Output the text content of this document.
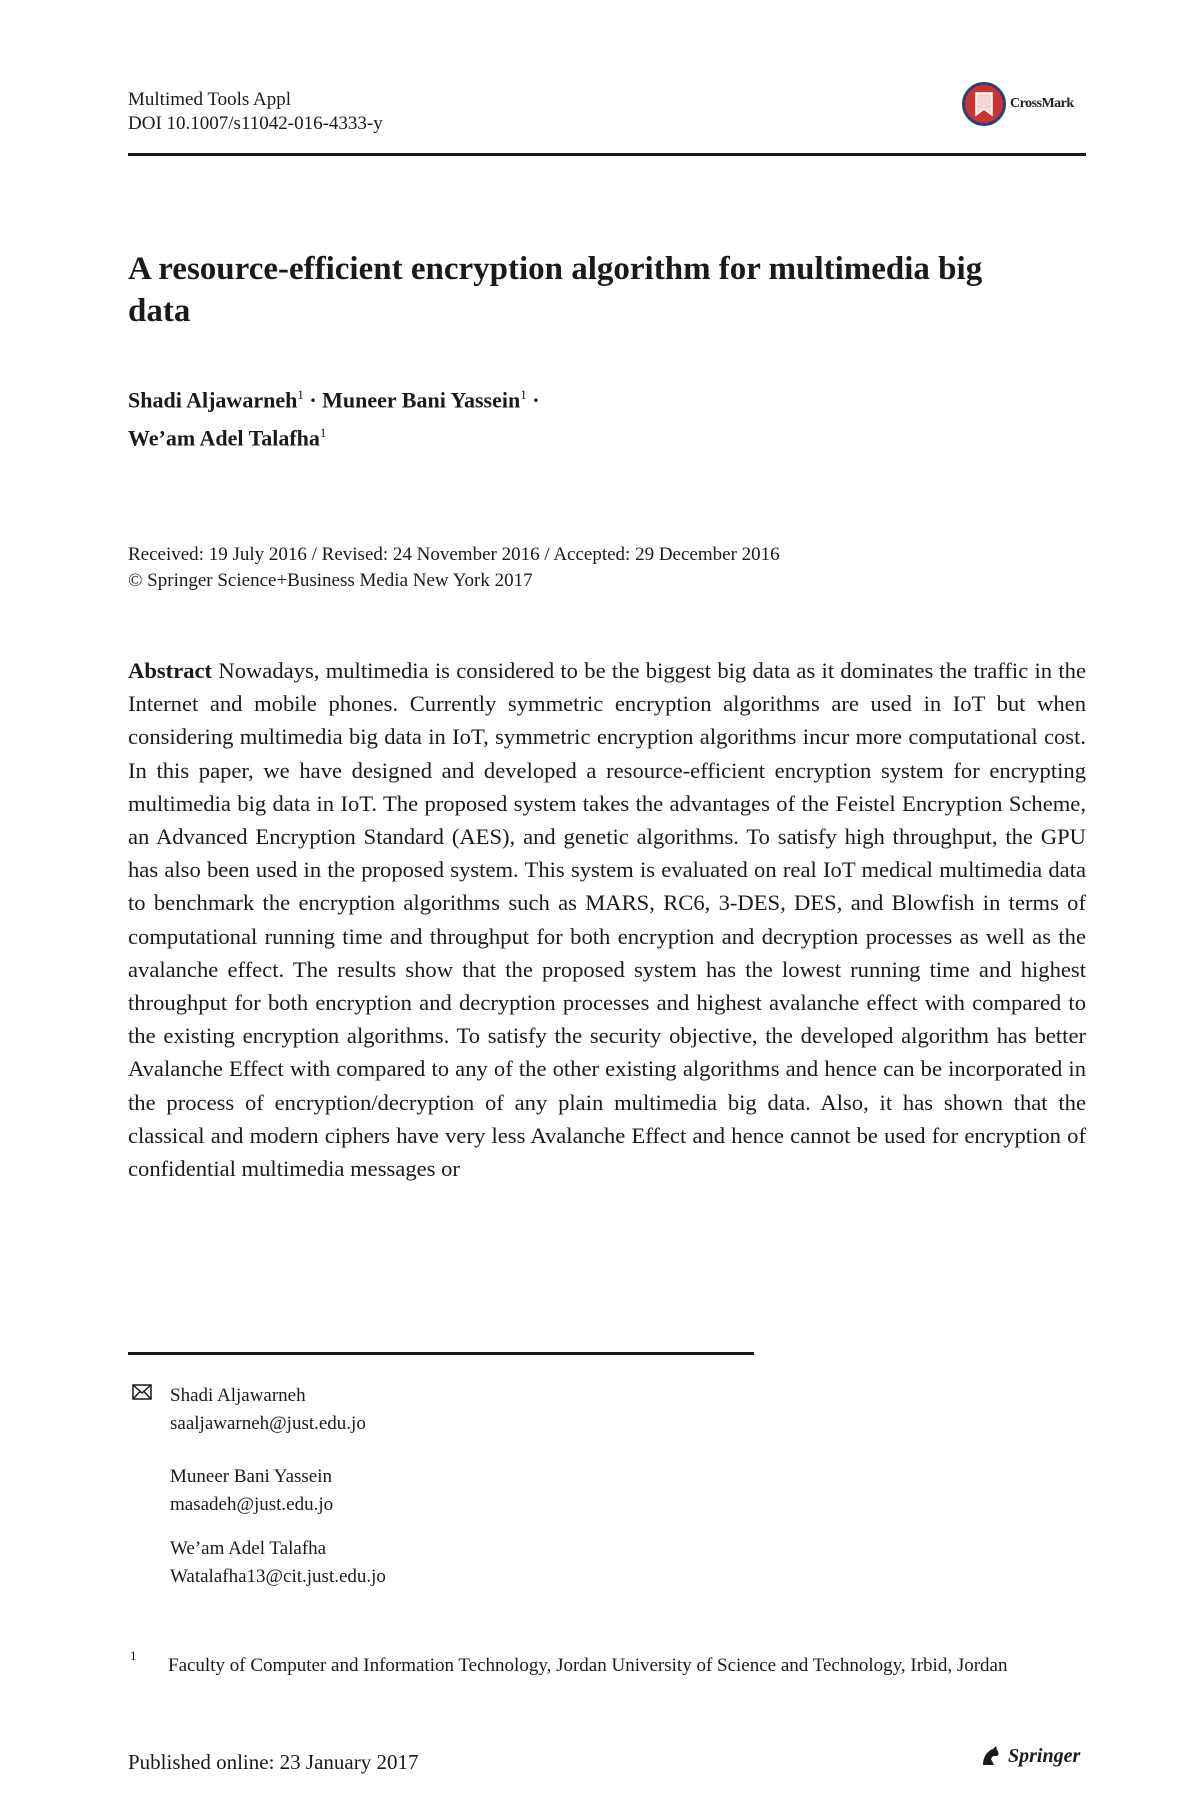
Multimed Tools Appl
DOI 10.1007/s11042-016-4333-y
CrossMark
A resource-efficient encryption algorithm for multimedia big data
Shadi Aljawarneh$^1$ · Muneer Bani Yassein$^1$ ·
We’am Adel Talafha$^1$
Received: 19 July 2016 / Revised: 24 November 2016 / Accepted: 29 December 2016
© Springer Science+Business Media New York 2017
Abstract Nowadays, multimedia is considered to be the biggest big data as it dominates the traffic in the Internet and mobile phones. Currently symmetric encryption algorithms are used in IoT but when considering multimedia big data in IoT, symmetric encryption algorithms incur more computational cost. In this paper, we have designed and developed a resource-efficient encryption system for encrypting multimedia big data in IoT. The proposed system takes the advantages of the Feistel Encryption Scheme, an Advanced Encryption Standard (AES), and genetic algorithms. To satisfy high throughput, the GPU has also been used in the proposed system. This system is evaluated on real IoT medical multimedia data to benchmark the encryption algorithms such as MARS, RC6, 3-DES, DES, and Blowfish in terms of computational running time and throughput for both encryption and decryption processes as well as the avalanche effect. The results show that the proposed system has the lowest running time and highest throughput for both encryption and decryption processes and highest avalanche effect with compared to the existing encryption algorithms. To satisfy the security objective, the developed algorithm has better Avalanche Effect with compared to any of the other existing algorithms and hence can be incorporated in the process of encryption/decryption of any plain multimedia big data. Also, it has shown that the classical and modern ciphers have very less Avalanche Effect and hence cannot be used for encryption of confidential multimedia messages or
Shadi Aljawarneh
saaljawarneh@just.edu.jo
Muneer Bani Yassein
masadeh@just.edu.jo
We’am Adel Talafha
Watalafha13@cit.just.edu.jo
1 Faculty of Computer and Information Technology, Jordan University of Science and Technology, Irbid, Jordan
Published online: 23 January 2017	Springer
